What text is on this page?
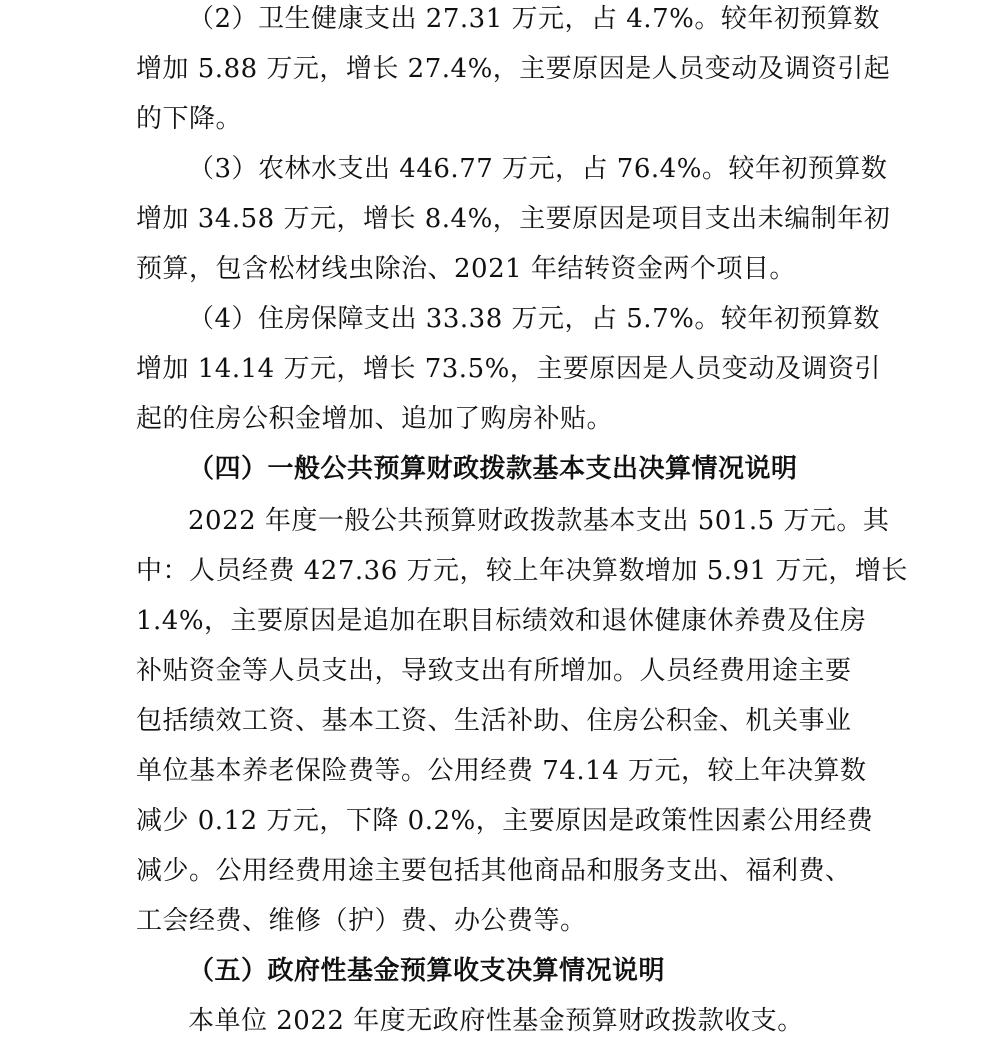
（2）卫生健康支出 27.31 万元，占 4.7%。较年初预算数
增加 5.88 万元，增长 27.4%，主要原因是人员变动及调资引起
的下降。
（3）农林水支出 446.77 万元，占 76.4%。较年初预算数
增加 34.58 万元，增长 8.4%，主要原因是项目支出未编制年初
预算，包含松材线虫除治、2021 年结转资金两个项目。
（4）住房保障支出 33.38 万元，占 5.7%。较年初预算数
增加 14.14 万元，增长 73.5%，主要原因是人员变动及调资引
起的住房公积金增加、追加了购房补贴。
（四）一般公共预算财政拨款基本支出决算情况说明
2022 年度一般公共预算财政拨款基本支出 501.5 万元。其
中：人员经费 427.36 万元，较上年决算数增加 5.91 万元，增长
1.4%，主要原因是追加在职目标绩效和退休健康休养费及住房
补贴资金等人员支出，导致支出有所增加。人员经费用途主要
包括绩效工资、基本工资、生活补助、住房公积金、机关事业
单位基本养老保险费等。公用经费 74.14 万元，较上年决算数
减少 0.12 万元，下降 0.2%，主要原因是政策性因素公用经费
减少。公用经费用途主要包括其他商品和服务支出、福利费、
工会经费、维修（护）费、办公费等。
（五）政府性基金预算收支决算情况说明
本单位 2022 年度无政府性基金预算财政拨款收支。
